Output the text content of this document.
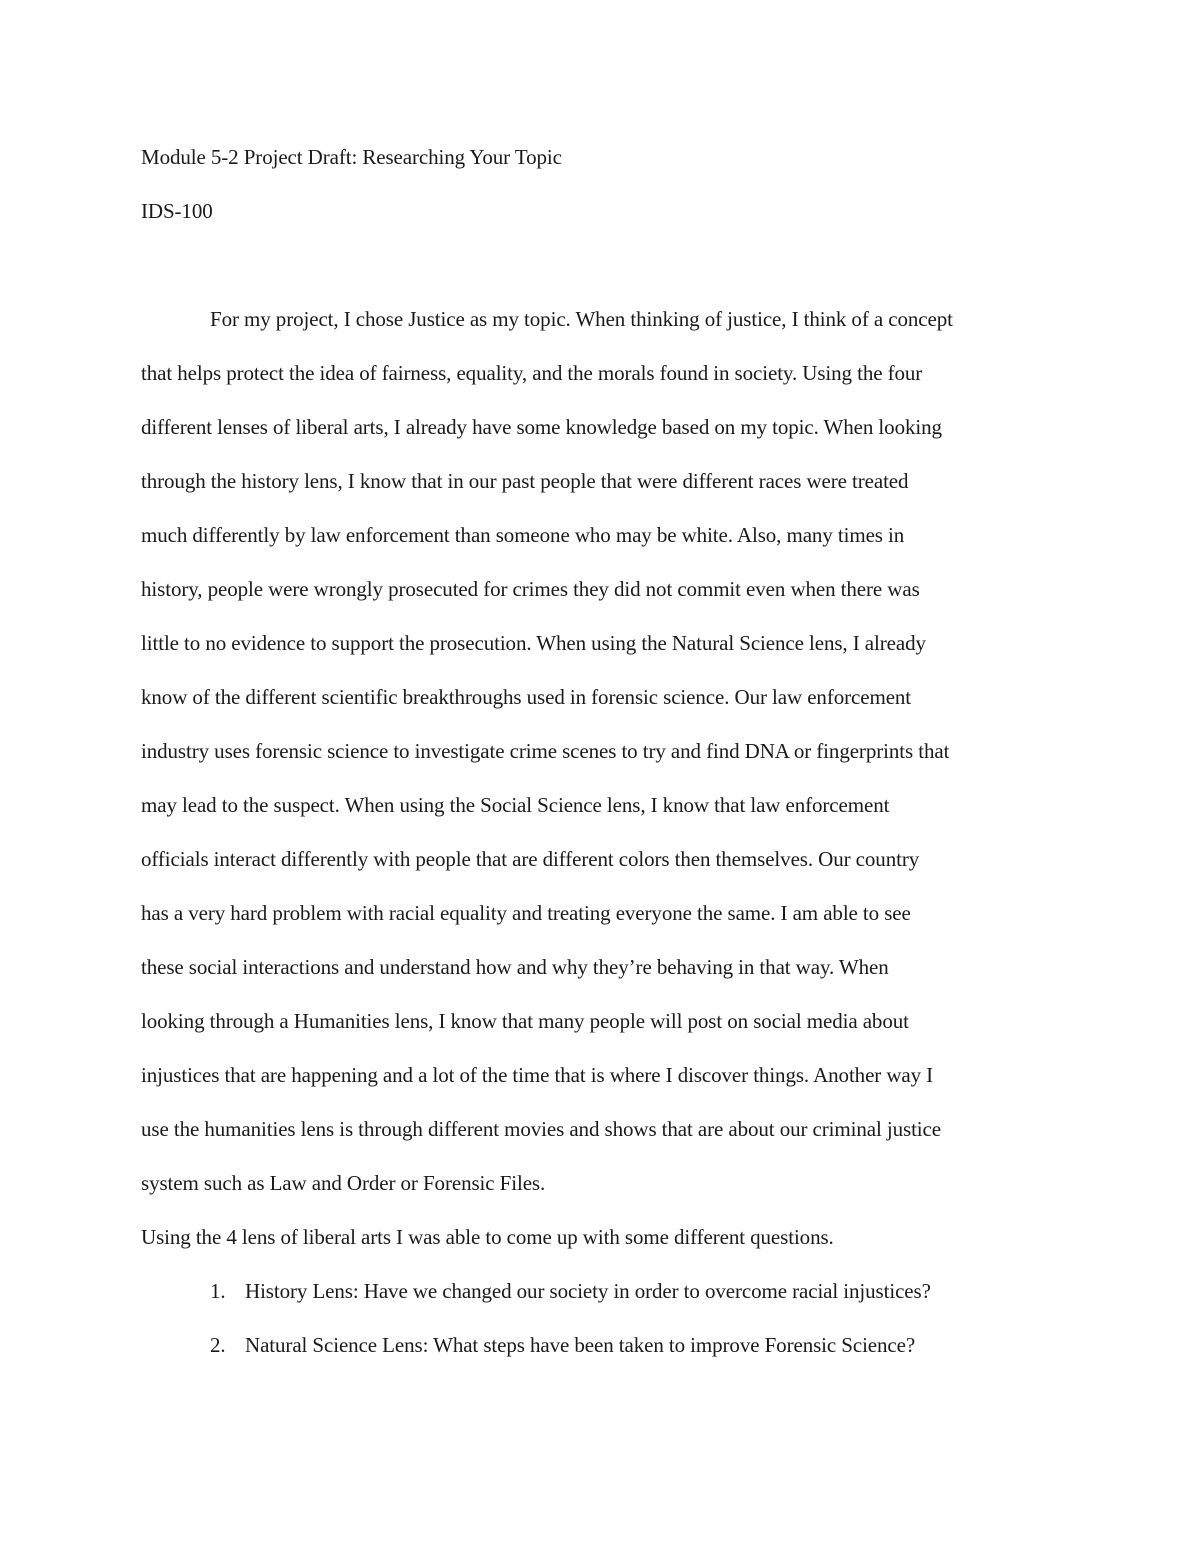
Module 5-2 Project Draft: Researching Your Topic
IDS-100
For my project, I chose Justice as my topic. When thinking of justice, I think of a concept
that helps protect the idea of fairness, equality, and the morals found in society. Using the four
different lenses of liberal arts, I already have some knowledge based on my topic. When looking
through the history lens, I know that in our past people that were different races were treated
much differently by law enforcement than someone who may be white. Also, many times in
history, people were wrongly prosecuted for crimes they did not commit even when there was
little to no evidence to support the prosecution. When using the Natural Science lens, I already
know of the different scientific breakthroughs used in forensic science. Our law enforcement
industry uses forensic science to investigate crime scenes to try and find DNA or fingerprints that
may lead to the suspect. When using the Social Science lens, I know that law enforcement
officials interact differently with people that are different colors then themselves. Our country
has a very hard problem with racial equality and treating everyone the same. I am able to see
these social interactions and understand how and why they’re behaving in that way. When
looking through a Humanities lens, I know that many people will post on social media about
injustices that are happening and a lot of the time that is where I discover things. Another way I
use the humanities lens is through different movies and shows that are about our criminal justice
system such as Law and Order or Forensic Files.
Using the 4 lens of liberal arts I was able to come up with some different questions.
1. History Lens: Have we changed our society in order to overcome racial injustices?
2. Natural Science Lens: What steps have been taken to improve Forensic Science?
